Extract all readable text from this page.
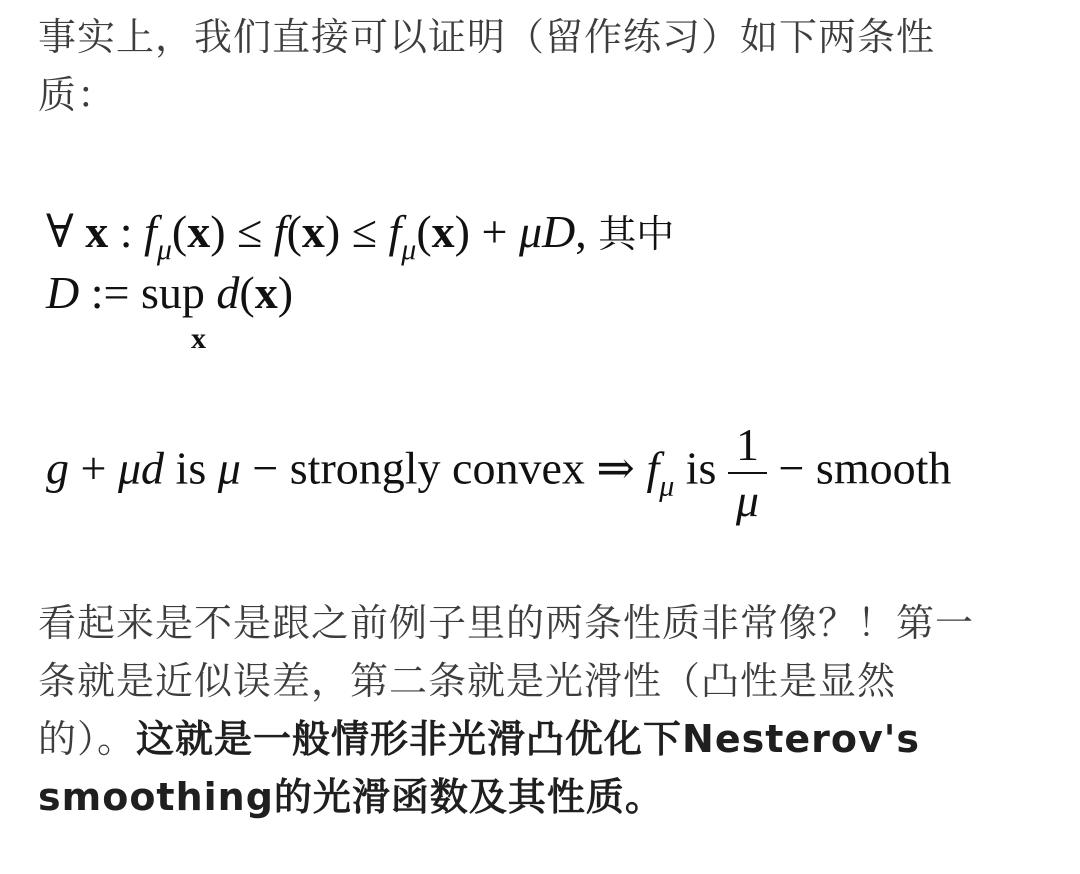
事实上，我们直接可以证明（留作练习）如下两条性
质：
∀ x : $f_\mu(x) \le f(x) \le f_\mu(x) + \mu D$, 其中
D := sup d(x)
x
g + μd is μ − strongly convex ⇒ $f_\mu$ is $\frac{1}{\mu}$ − smooth
看起来是不是跟之前例子里的两条性质非常像？！第一
条就是近似误差，第二条就是光滑性（凸性是显然
的）。这就是一般情形非光滑凸优化下Nesterov's
smoothing的光滑函数及其性质。
